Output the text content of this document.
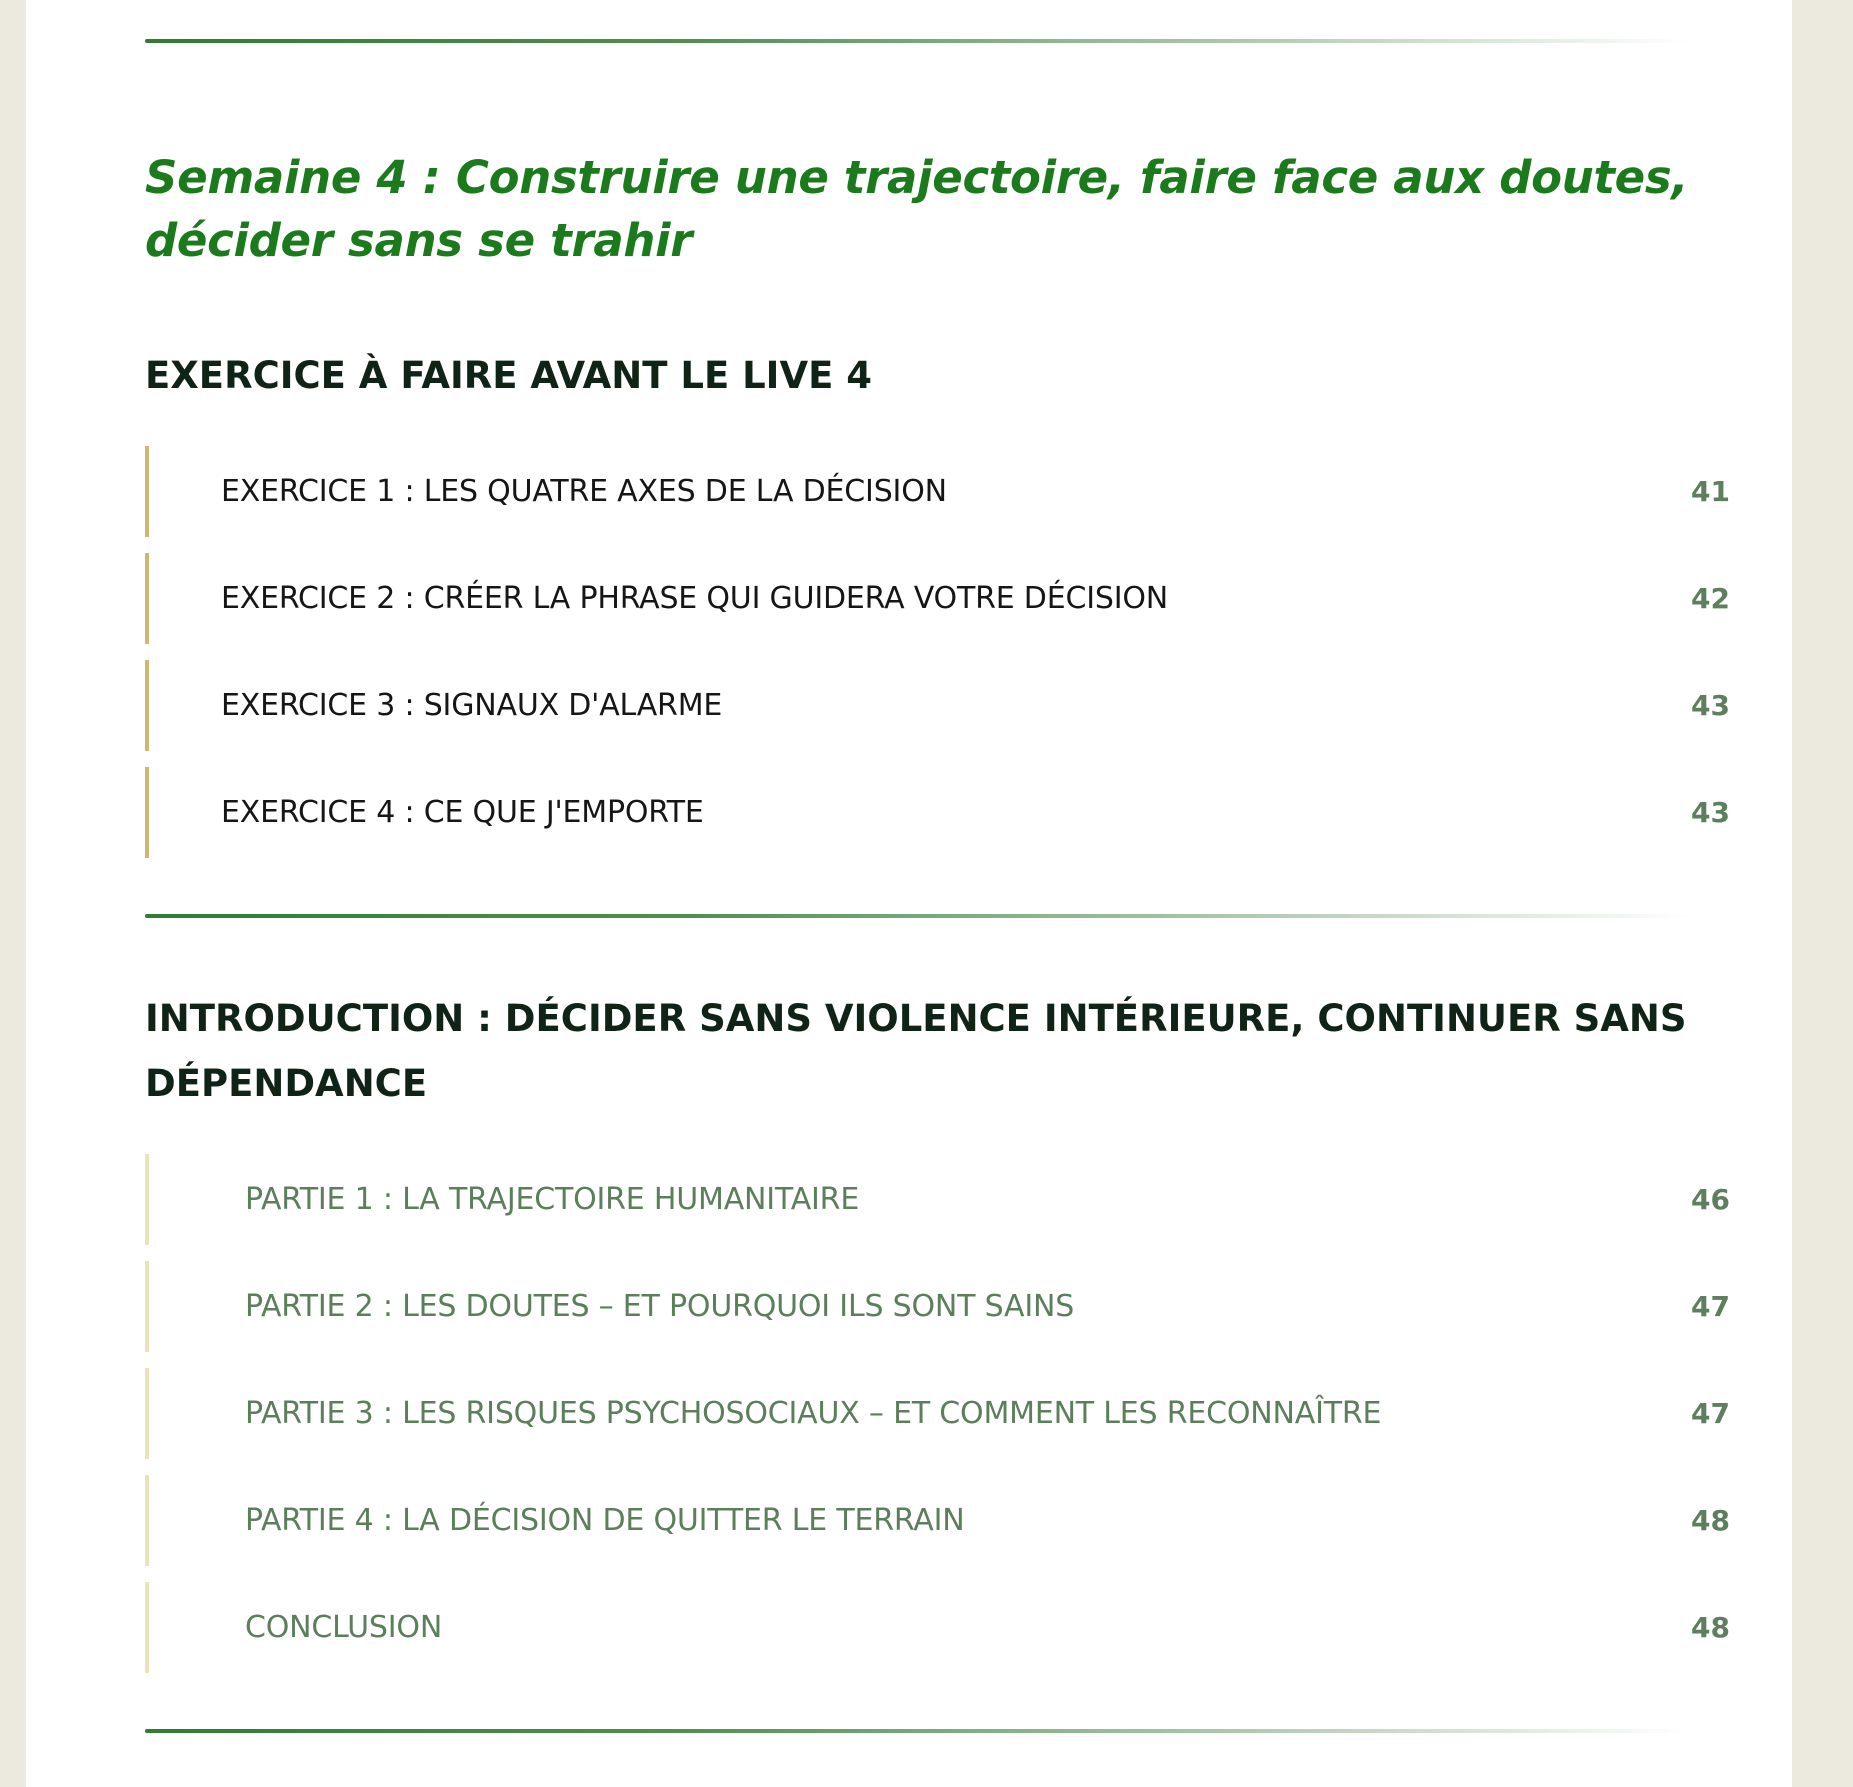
Semaine 4 : Construire une trajectoire, faire face aux doutes, décider sans se trahir
EXERCICE À FAIRE AVANT LE LIVE 4
EXERCICE 1 : LES QUATRE AXES DE LA DÉCISION	41
EXERCICE 2 : CRÉER LA PHRASE QUI GUIDERA VOTRE DÉCISION	42
EXERCICE 3 : SIGNAUX D'ALARME	43
EXERCICE 4 : CE QUE J'EMPORTE	43
INTRODUCTION : DÉCIDER SANS VIOLENCE INTÉRIEURE, CONTINUER SANS DÉPENDANCE
PARTIE 1 : LA TRAJECTOIRE HUMANITAIRE	46
PARTIE 2 : LES DOUTES – ET POURQUOI ILS SONT SAINS	47
PARTIE 3 : LES RISQUES PSYCHOSOCIAUX – ET COMMENT LES RECONNAÎTRE	47
PARTIE 4 : LA DÉCISION DE QUITTER LE TERRAIN	48
CONCLUSION	48
